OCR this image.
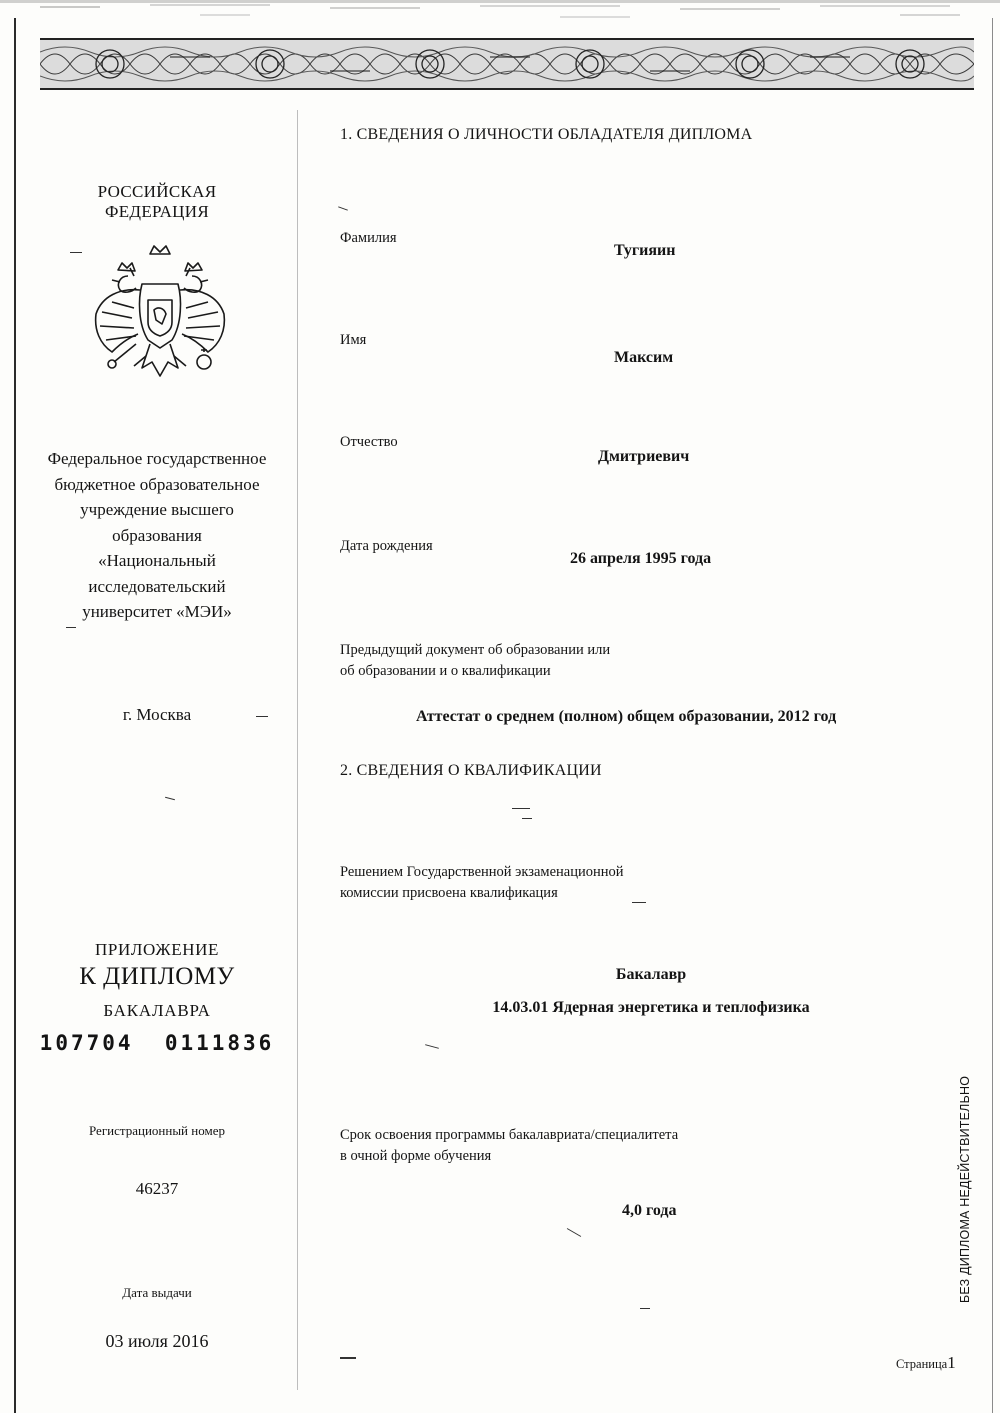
РОССИЙСКАЯ
ФЕДЕРАЦИЯ
Федеральное государственное
бюджетное образовательное
учреждение высшего
образования
«Национальный
исследовательский
университет «МЭИ»
г. Москва
ПРИЛОЖЕНИЕ
К ДИПЛОМУ
БАКАЛАВРА
107704  0111836
Регистрационный номер
46237
Дата выдачи
03 июля 2016
1. СВЕДЕНИЯ О ЛИЧНОСТИ ОБЛАДАТЕЛЯ ДИПЛОМА
Фамилия
Тугияин
Имя
Максим
Отчество
Дмитриевич
Дата рождения
26 апреля 1995 года
Предыдущий документ об образовании или
об образовании и о квалификации
Аттестат о среднем (полном) общем образовании, 2012 год
2. СВЕДЕНИЯ О КВАЛИФИКАЦИИ
Решением Государственной экзаменационной
комиссии присвоена квалификация
Бакалавр
14.03.01 Ядерная энергетика и теплофизика
Срок освоения программы бакалавриата/специалитета
в очной форме обучения
4,0 года	БЕЗ ДИПЛОМА НЕДЕЙСТВИТЕЛЬНО
Страница1
